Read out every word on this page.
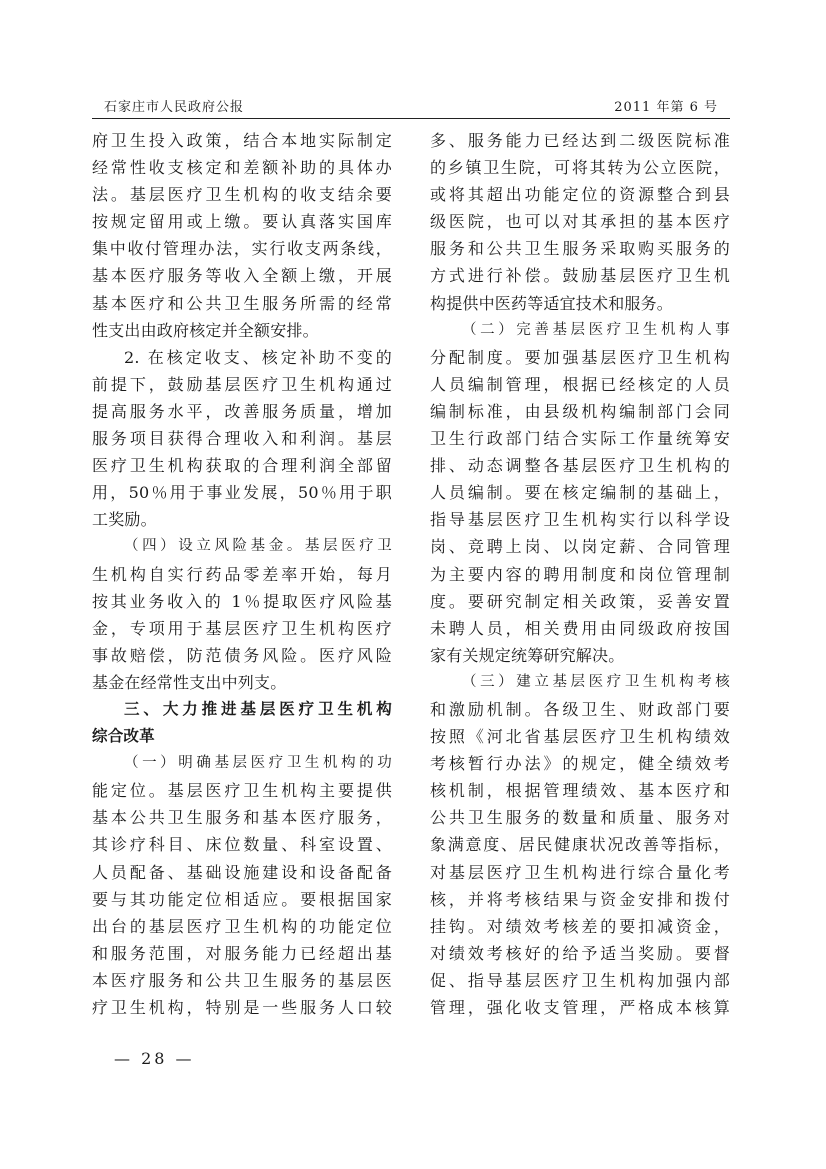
石家庄市人民政府公报	2011 年第 6 号
府卫生投入政策，结合本地实际制定
经常性收支核定和差额补助的具体办
法。基层医疗卫生机构的收支结余要
按规定留用或上缴。要认真落实国库
集中收付管理办法，实行收支两条线，
基本医疗服务等收入全额上缴，开展
基本医疗和公共卫生服务所需的经常
性支出由政府核定并全额安排。
2. 在核定收支、核定补助不变的
前提下，鼓励基层医疗卫生机构通过
提高服务水平，改善服务质量，增加
服务项目获得合理收入和利润。基层
医疗卫生机构获取的合理利润全部留
用，50％用于事业发展，50％用于职
工奖励。
（四）设立风险基金。基层医疗卫
生机构自实行药品零差率开始，每月
按其业务收入的 1％提取医疗风险基
金，专项用于基层医疗卫生机构医疗
事故赔偿，防范债务风险。医疗风险
基金在经常性支出中列支。
三、大力推进基层医疗卫生机构
综合改革
（一）明确基层医疗卫生机构的功
能定位。基层医疗卫生机构主要提供
基本公共卫生服务和基本医疗服务，
其诊疗科目、床位数量、科室设置、
人员配备、基础设施建设和设备配备
要与其功能定位相适应。要根据国家
出台的基层医疗卫生机构的功能定位
和服务范围，对服务能力已经超出基
本医疗服务和公共卫生服务的基层医
疗卫生机构，特别是一些服务人口较
多、服务能力已经达到二级医院标准
的乡镇卫生院，可将其转为公立医院，
或将其超出功能定位的资源整合到县
级医院，也可以对其承担的基本医疗
服务和公共卫生服务采取购买服务的
方式进行补偿。鼓励基层医疗卫生机
构提供中医药等适宜技术和服务。
（二）完善基层医疗卫生机构人事
分配制度。要加强基层医疗卫生机构
人员编制管理，根据已经核定的人员
编制标准，由县级机构编制部门会同
卫生行政部门结合实际工作量统筹安
排、动态调整各基层医疗卫生机构的
人员编制。要在核定编制的基础上，
指导基层医疗卫生机构实行以科学设
岗、竞聘上岗、以岗定薪、合同管理
为主要内容的聘用制度和岗位管理制
度。要研究制定相关政策，妥善安置
未聘人员，相关费用由同级政府按国
家有关规定统筹研究解决。
（三）建立基层医疗卫生机构考核
和激励机制。各级卫生、财政部门要
按照《河北省基层医疗卫生机构绩效
考核暂行办法》的规定，健全绩效考
核机制，根据管理绩效、基本医疗和
公共卫生服务的数量和质量、服务对
象满意度、居民健康状况改善等指标，
对基层医疗卫生机构进行综合量化考
核，并将考核结果与资金安排和拨付
挂钩。对绩效考核差的要扣减资金，
对绩效考核好的给予适当奖励。要督
促、指导基层医疗卫生机构加强内部
管理，强化收支管理，严格成本核算
— 28 —
